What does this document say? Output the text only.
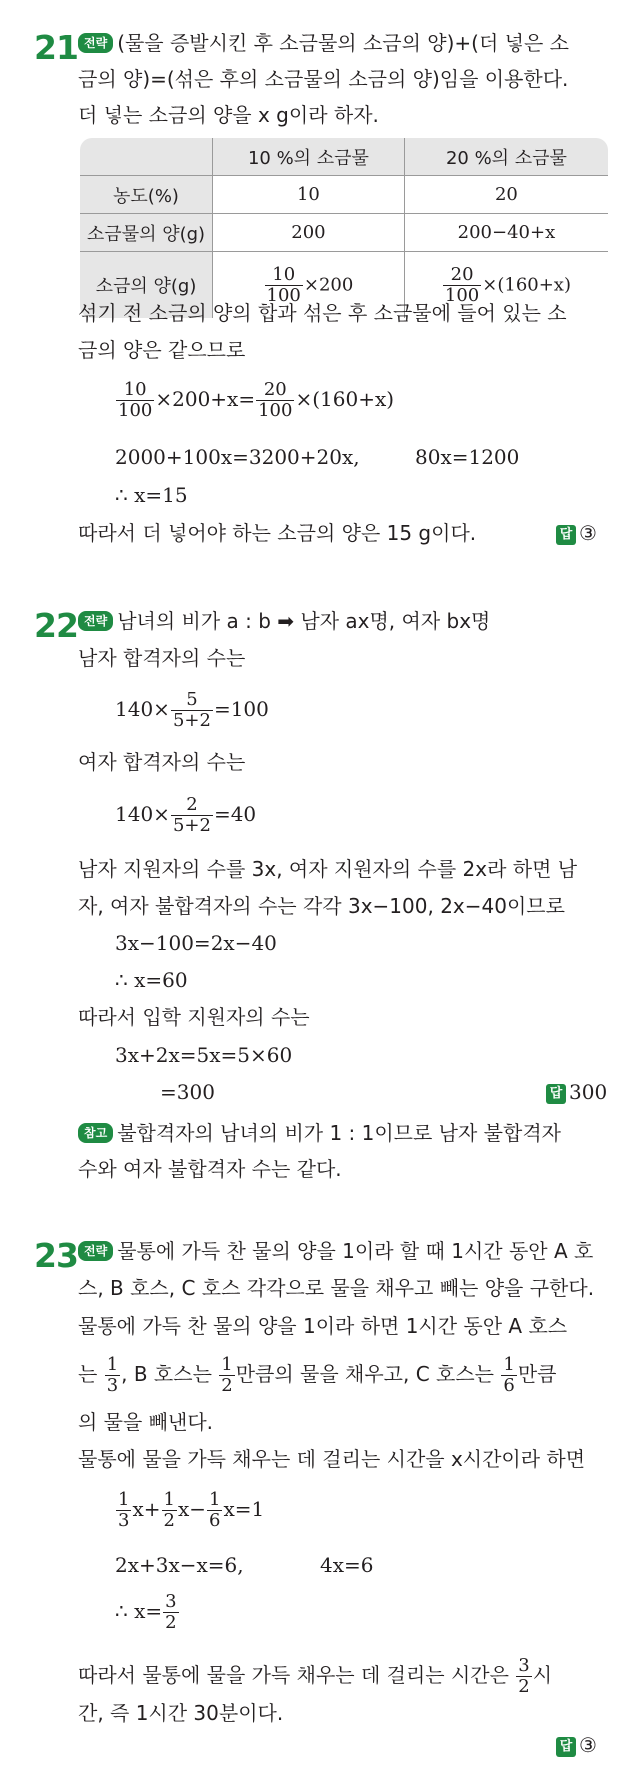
21 전략 (물을 증발시킨 후 소금물의 소금의 양)+(더 넣은 소
금의 양)=(섞은 후의 소금물의 소금의 양)임을 이용한다.
더 넣는 소금의 양을 x g이라 하자.
	10 %의 소금물	20 %의 소금물
농도(%)	10	20
소금물의 양(g)	200	200−40+x
소금의 양(g)	$\frac{10}{100} \times 200$	$\frac{20}{100} \times(160+x)$
섞기 전 소금의 양의 합과 섞은 후 소금물에 들어 있는 소
금의 양은 같으므로
$\frac{10}{100} \times 200+x= \frac{20}{100} \times(160+x)$
2000+100x=3200+20x,	80x=1200
∴ x=15
따라서 더 넣어야 하는 소금의 양은 15 g이다.	답 ③
22 전략 남녀의 비가 a : b ➡ 남자 ax명, 여자 bx명
남자 합격자의 수는
$140\times \frac{5}{5+2} =100$
여자 합격자의 수는
$140\times \frac{2}{5+2} =40$
남자 지원자의 수를 3x, 여자 지원자의 수를 2x라 하면 남
자, 여자 불합격자의 수는 각각 3x−100, 2x−40이므로
3x−100=2x−40
∴ x=60
따라서 입학 지원자의 수는
3x+2x=5x=5×60
=300	답 300
참고 불합격자의 남녀의 비가 1 : 1이므로 남자 불합격자
수와 여자 불합격자 수는 같다.
23 전략 물통에 가득 찬 물의 양을 1이라 할 때 1시간 동안 A 호
스, B 호스, C 호스 각각으로 물을 채우고 빼는 양을 구한다.
물통에 가득 찬 물의 양을 1이라 하면 1시간 동안 A 호스
는 $\frac{1}{3}$ , B 호스는 $\frac{1}{2}$ 만큼의 물을 채우고, C 호스는 $\frac{1}{6}$ 만큼
의 물을 빼낸다.
물통에 물을 가득 채우는 데 걸리는 시간을 x시간이라 하면
$\frac{1}{3} x+ \frac{1}{2} x- \frac{1}{6} x=1$
2x+3x−x=6,	4x=6
∴ $x= \frac{3}{2}$
따라서 물통에 물을 가득 채우는 데 걸리는 시간은 $\frac{3}{2}$ 시
간, 즉 1시간 30분이다.
답 ③
